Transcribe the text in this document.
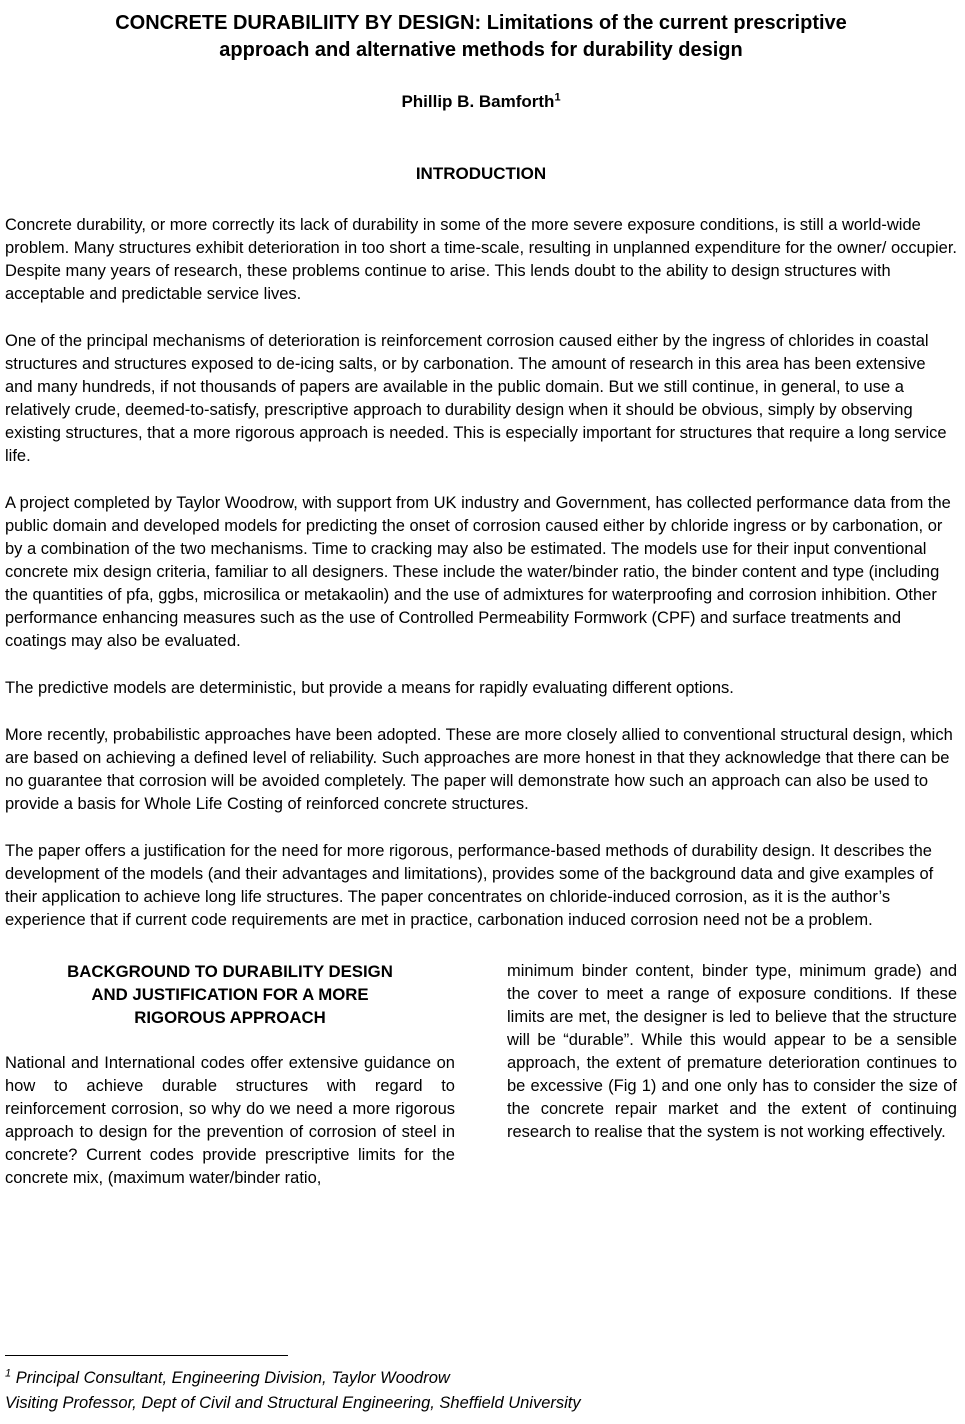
CONCRETE DURABILIITY BY DESIGN: Limitations of the current prescriptive
approach and alternative methods for durability design
Phillip B. Bamforth$^1$
INTRODUCTION

Concrete durability, or more correctly its lack of durability in some of the more severe exposure conditions, is still a world-wide problem. Many structures exhibit deterioration in too short a time-scale, resulting in unplanned expenditure for the owner/ occupier. Despite many years of research, these problems continue to arise. This lends doubt to the ability to design structures with acceptable and predictable service lives.

One of the principal mechanisms of deterioration is reinforcement corrosion caused either by the ingress of chlorides in coastal structures and structures exposed to de-icing salts, or by carbonation. The amount of research in this area has been extensive and many hundreds, if not thousands of papers are available in the public domain. But we still continue, in general, to use a relatively crude, deemed-to-satisfy, prescriptive approach to durability design when it should be obvious, simply by observing existing structures, that a more rigorous approach is needed. This is especially important for structures that require a long service life.

A project completed by Taylor Woodrow, with support from UK industry and Government, has collected performance data from the public domain and developed models for predicting the onset of corrosion caused either by chloride ingress or by carbonation, or by a combination of the two mechanisms. Time to cracking may also be estimated. The models use for their input conventional concrete mix design criteria, familiar to all designers. These include the water/binder ratio, the binder content and type (including the quantities of pfa, ggbs, microsilica or metakaolin) and the use of admixtures for waterproofing and corrosion inhibition. Other performance enhancing measures such as the use of Controlled Permeability Formwork (CPF) and surface treatments and coatings may also be evaluated.

The predictive models are deterministic, but provide a means for rapidly evaluating different options.

More recently, probabilistic approaches have been adopted. These are more closely allied to conventional structural design, which are based on achieving a defined level of reliability. Such approaches are more honest in that they acknowledge that there can be no guarantee that corrosion will be avoided completely. The paper will demonstrate how such an approach can also be used to provide a basis for Whole Life Costing of reinforced concrete structures.

The paper offers a justification for the need for more rigorous, performance-based methods of durability design. It describes the development of the models (and their advantages and limitations), provides some of the background data and give examples of their application to achieve long life structures. The paper concentrates on chloride-induced corrosion, as it is the author’s experience that if current code requirements are met in practice, carbonation induced corrosion need not be a problem.

BACKGROUND TO DURABILITY DESIGN
AND JUSTIFICATION FOR A MORE
RIGOROUS APPROACH

National and International codes offer extensive guidance on how to achieve durable structures with regard to reinforcement corrosion, so why do we need a more rigorous approach to design for the prevention of corrosion of steel in concrete? Current codes provide prescriptive limits for the concrete mix, (maximum water/binder ratio,

minimum binder content, binder type, minimum grade) and the cover to meet a range of exposure conditions. If these limits are met, the designer is led to believe that the structure will be “durable”. While this would appear to be a sensible approach, the extent of premature deterioration continues to be excessive (Fig 1) and one only has to consider the size of the concrete repair market and the extent of continuing research to realise that the system is not working effectively.

$^1$ Principal Consultant, Engineering Division, Taylor Woodrow
Visiting Professor, Dept of Civil and Structural Engineering, Sheffield University
